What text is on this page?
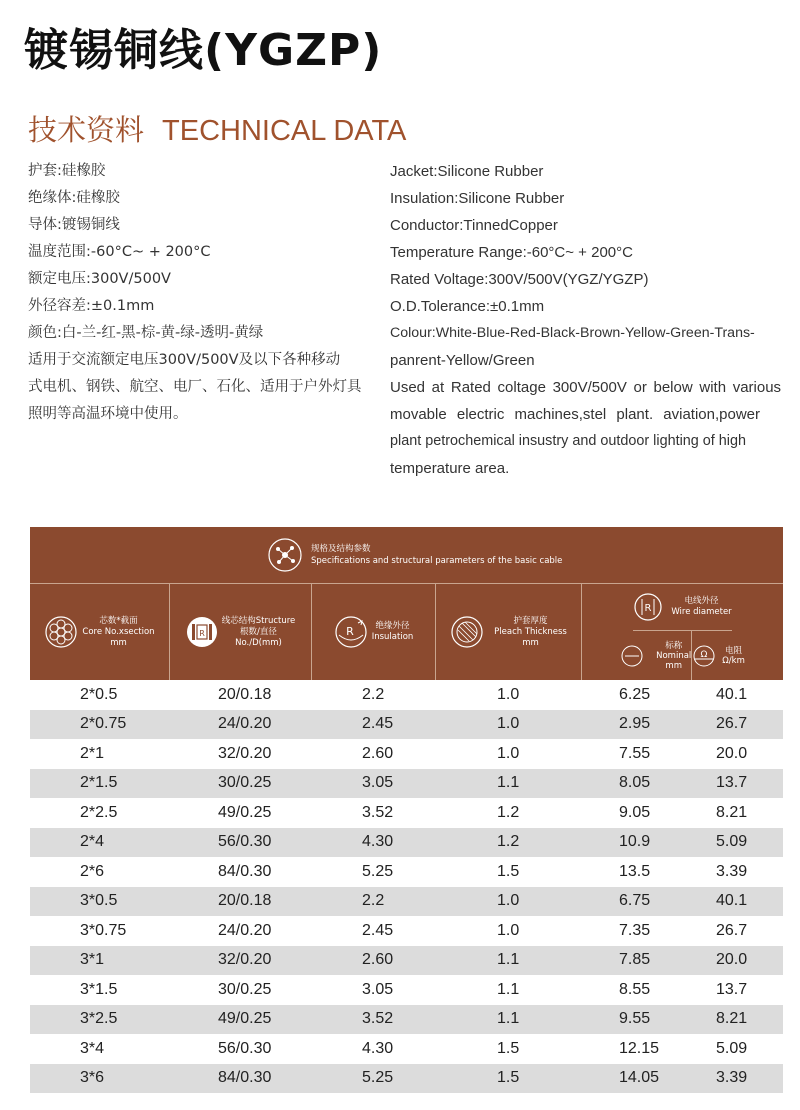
镀锡铜线(YGZP)
技术资料 TECHNICAL DATA
护套:硅橡胶
绝缘体:硅橡胶
导体:镀锡铜线
温度范围:-60°C~ + 200°C
额定电压:300V/500V
外径容差:±0.1mm
颜色:白-兰-红-黑-棕-黄-绿-透明-黄绿
适用于交流额定电压300V/500V及以下各种移动
式电机、钢铁、航空、电厂、石化、适用于户外灯具
照明等高温环境中使用。
Jacket:Silicone Rubber
Insulation:Silicone Rubber
Conductor:TinnedCopper
Temperature Range:-60°C~ + 200°C
Rated Voltage:300V/500V(YGZ/YGZP)
O.D.Tolerance:±0.1mm
Colour:White-Blue-Red-Black-Brown-Yellow-Green-Trans-
panrent-Yellow/Green
Used at Rated coltage 300V/500V or below with various
movable electric machines,stel plant. aviation,power
plant petrochemical insustry and outdoor lighting of high
temperature area.
规格及结构参数
Specifications and structural parameters of the basic cable
芯数*截面
Core No.xsection
mm
R
线芯结构Structure
根数/直径
No./D(mm)
R	绝缘外径
Insulation
护套厚度
Pleach Thickness
mm
R
电线外径
Wire diameter
标称
Nominal
mm
Ω	电阻
Ω/km
2*0.5	20/0.18	2.2	1.0	6.25	40.1
2*0.75	24/0.20	2.45	1.0	2.95	26.7
2*1	32/0.20	2.60	1.0	7.55	20.0
2*1.5	30/0.25	3.05	1.1	8.05	13.7
2*2.5	49/0.25	3.52	1.2	9.05	8.21
2*4	56/0.30	4.30	1.2	10.9	5.09
2*6	84/0.30	5.25	1.5	13.5	3.39
3*0.5	20/0.18	2.2	1.0	6.75	40.1
3*0.75	24/0.20	2.45	1.0	7.35	26.7
3*1	32/0.20	2.60	1.1	7.85	20.0
3*1.5	30/0.25	3.05	1.1	8.55	13.7
3*2.5	49/0.25	3.52	1.1	9.55	8.21
3*4	56/0.30	4.30	1.5	12.15	5.09
3*6	84/0.30	5.25	1.5	14.05	3.39
